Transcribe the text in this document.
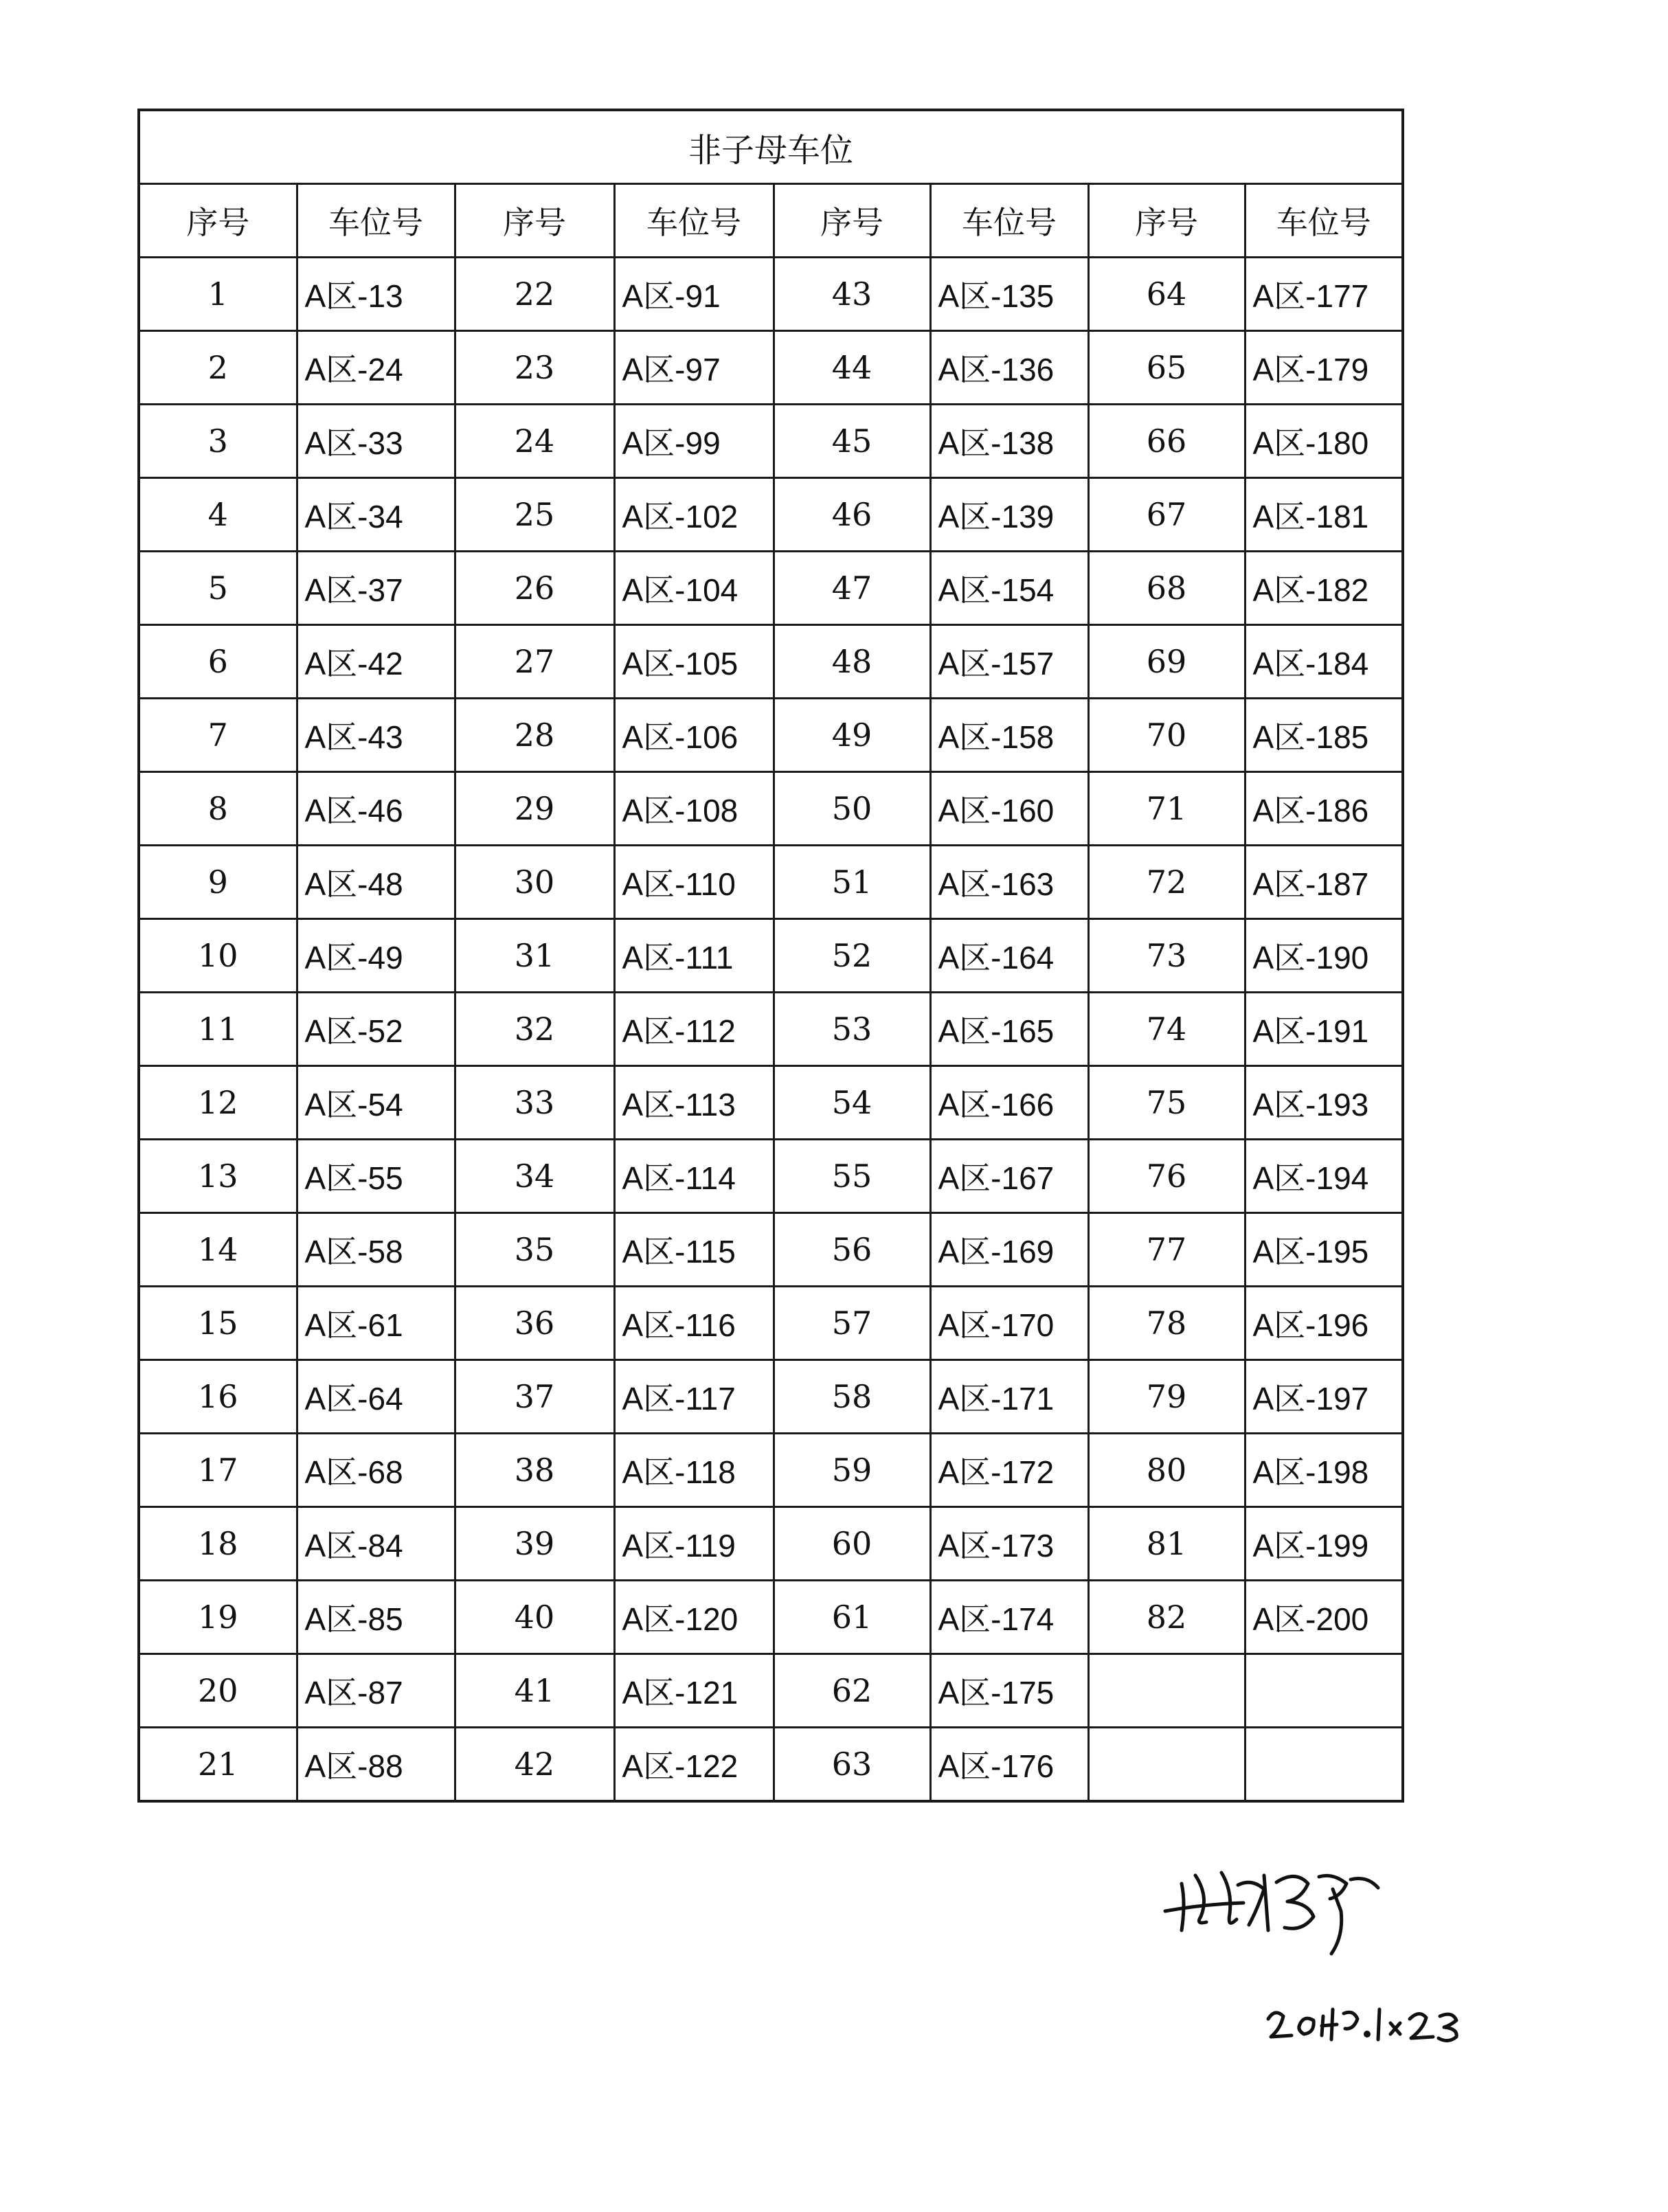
非子母车位							
序号	车位号	序号	车位号	序号	车位号	序号	车位号
1	A区-13	22	A区-91	43	A区-135	64	A区-177
2	A区-24	23	A区-97	44	A区-136	65	A区-179
3	A区-33	24	A区-99	45	A区-138	66	A区-180
4	A区-34	25	A区-102	46	A区-139	67	A区-181
5	A区-37	26	A区-104	47	A区-154	68	A区-182
6	A区-42	27	A区-105	48	A区-157	69	A区-184
7	A区-43	28	A区-106	49	A区-158	70	A区-185
8	A区-46	29	A区-108	50	A区-160	71	A区-186
9	A区-48	30	A区-110	51	A区-163	72	A区-187
10	A区-49	31	A区-111	52	A区-164	73	A区-190
11	A区-52	32	A区-112	53	A区-165	74	A区-191
12	A区-54	33	A区-113	54	A区-166	75	A区-193
13	A区-55	34	A区-114	55	A区-167	76	A区-194
14	A区-58	35	A区-115	56	A区-169	77	A区-195
15	A区-61	36	A区-116	57	A区-170	78	A区-196
16	A区-64	37	A区-117	58	A区-171	79	A区-197
17	A区-68	38	A区-118	59	A区-172	80	A区-198
18	A区-84	39	A区-119	60	A区-173	81	A区-199
19	A区-85	40	A区-120	61	A区-174	82	A区-200
20	A区-87	41	A区-121	62	A区-175		
21	A区-88	42	A区-122	63	A区-176		
